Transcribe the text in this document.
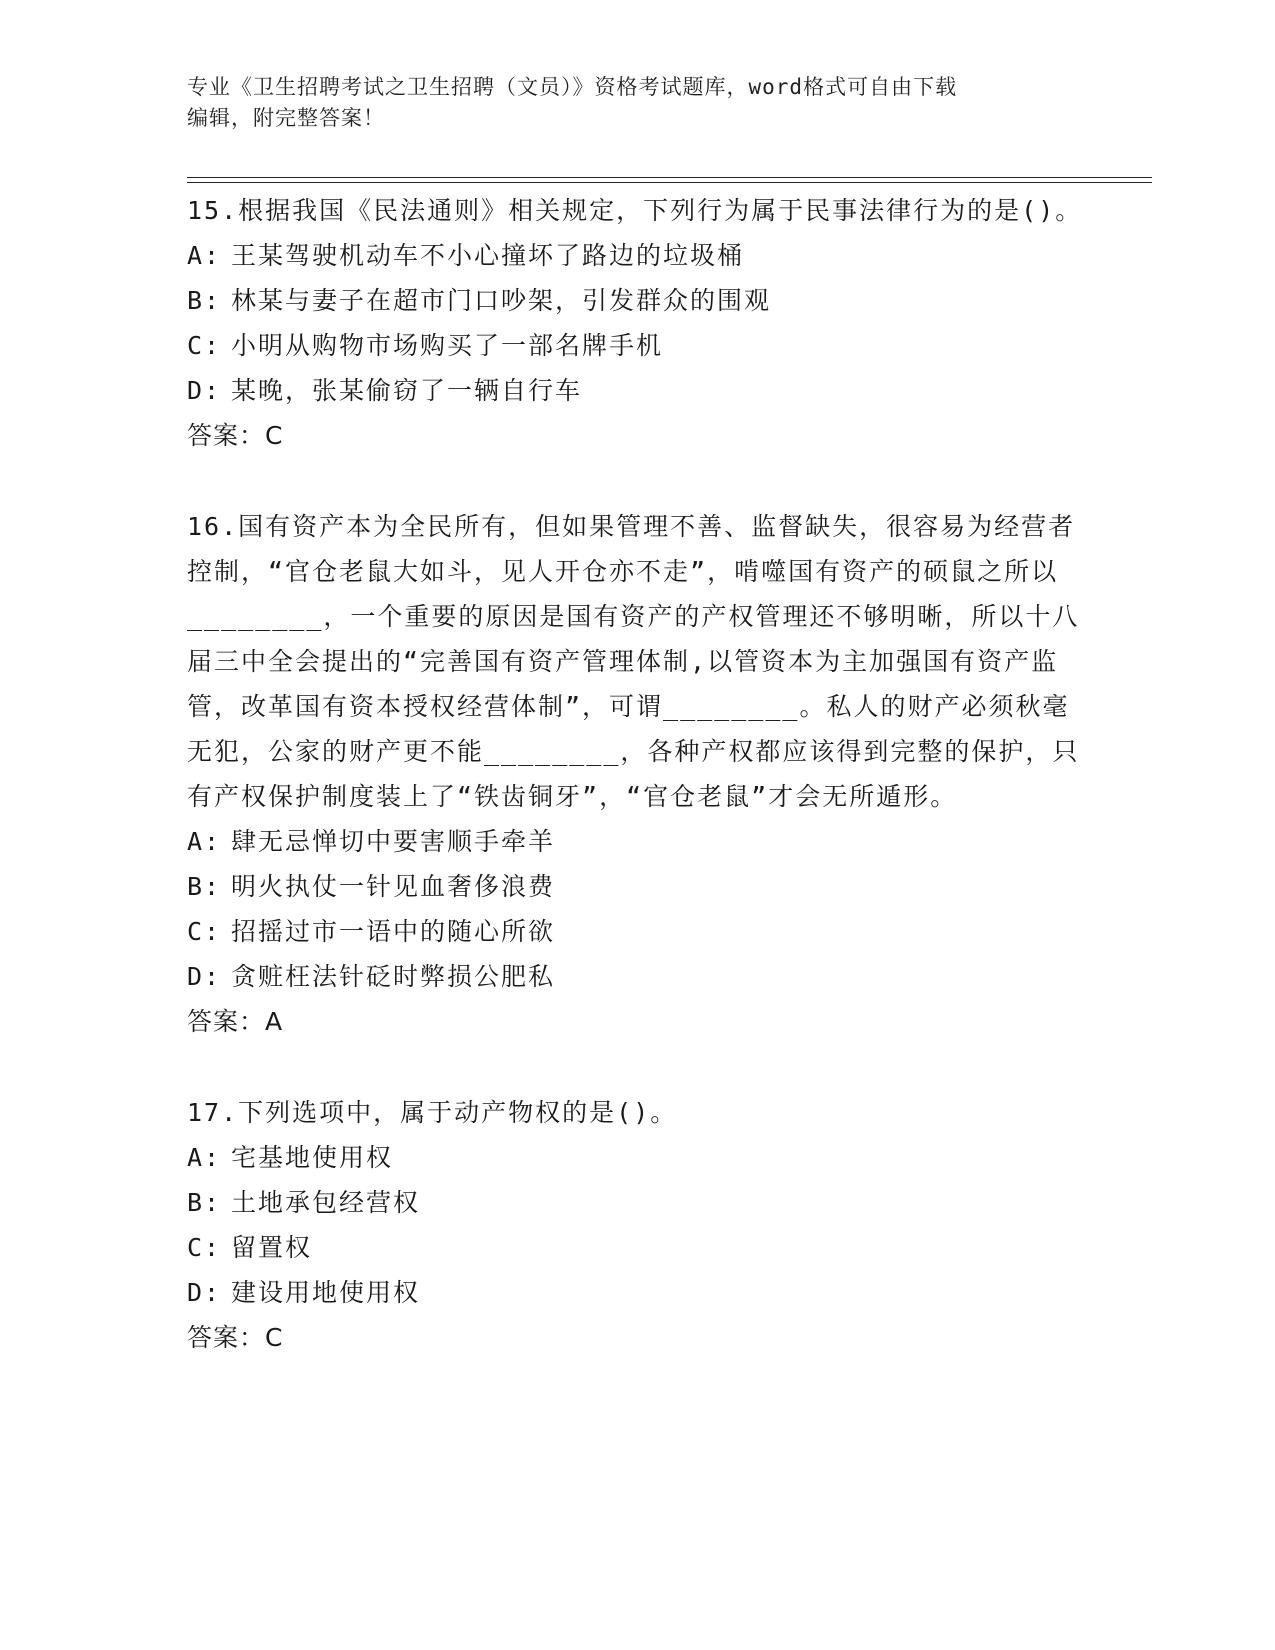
专业《卫生招聘考试之卫生招聘（文员）》资格考试题库，word格式可自由下载
编辑，附完整答案！

15.根据我国《民法通则》相关规定，下列行为属于民事法律行为的是()。

A: 王某驾驶机动车不小心撞坏了路边的垃圾桶

B: 林某与妻子在超市门口吵架，引发群众的围观

C: 小明从购物市场购买了一部名牌手机

D: 某晚，张某偷窃了一辆自行车

答案：C

16.国有资产本为全民所有，但如果管理不善、监督缺失，很容易为经营者控制，“官仓老鼠大如斗，见人开仓亦不走”，啃噬国有资产的硕鼠之所以________，一个重要的原因是国有资产的产权管理还不够明晰，所以十八届三中全会提出的“完善国有资产管理体制,以管资本为主加强国有资产监管，改革国有资本授权经营体制”，可谓________。私人的财产必须秋毫无犯，公家的财产更不能________，各种产权都应该得到完整的保护，只有产权保护制度装上了“铁齿铜牙”，“官仓老鼠”才会无所遁形。

A: 肆无忌惮切中要害顺手牵羊

B: 明火执仗一针见血奢侈浪费

C: 招摇过市一语中的随心所欲

D: 贪赃枉法针砭时弊损公肥私

答案：A

17.下列选项中，属于动产物权的是()。

A: 宅基地使用权

B: 土地承包经营权

C: 留置权

D: 建设用地使用权

答案：C
